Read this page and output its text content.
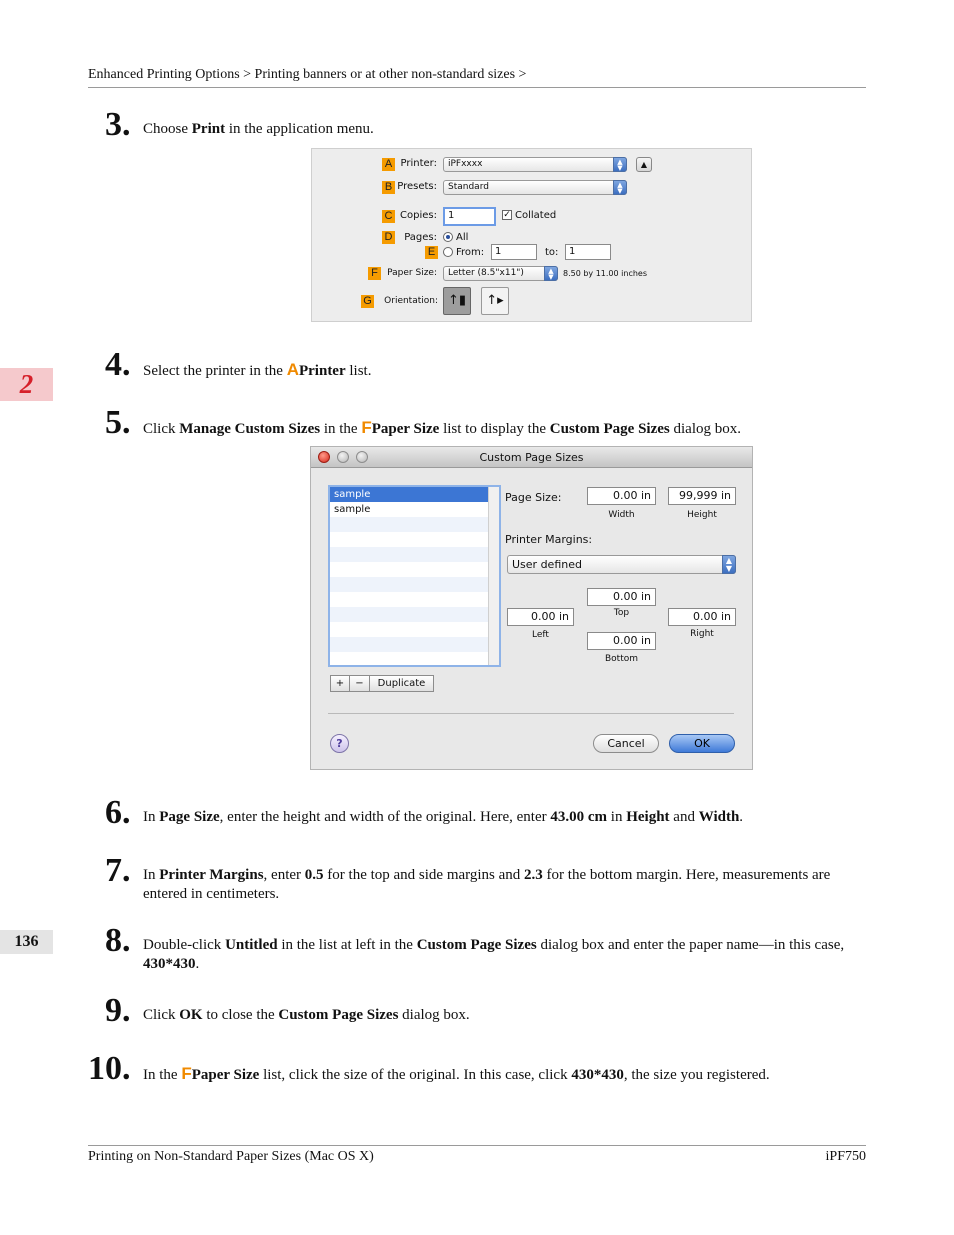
Enhanced Printing Options > Printing banners or at other non-standard sizes >
2
136
3. Choose Print in the application menu.
A Printer:	iPFxxxx	▲
▼	▲
B Presets:	Standard	▲
▼
C Copies:	1	✓ Collated
D	Pages: All
E From:	1	to:	1
F	Paper Size:	Letter (8.5"x11")	▲
▼	8.50 by 11.00 inches
G	Orientation: ↑▮	↑▸
4. Select the printer in the APrinter list.
5. Click Manage Custom Sizes in the FPaper Size list to display the Custom Page Sizes dialog box.
Custom Page Sizes
sample
sample
+	−	Duplicate
Page Size:	0.00 in	99,999 in
Width	Height
Printer Margins:
User defined	▲
▼
0.00 in
Top
0.00 in
Left
0.00 in
Right
0.00 in
Bottom
?	Cancel	OK
6. In Page Size, enter the height and width of the original. Here, enter 43.00 cm in Height and Width.
7. In Printer Margins, enter 0.5 for the top and side margins and 2.3 for the bottom margin. Here, measurements are entered in centimeters.
8. Double-click Untitled in the list at left in the Custom Page Sizes dialog box and enter the paper name—in this case, 430*430.
9. Click OK to close the Custom Page Sizes dialog box.
10. In the FPaper Size list, click the size of the original. In this case, click 430*430, the size you registered.
Printing on Non-Standard Paper Sizes (Mac OS X)	iPF750
